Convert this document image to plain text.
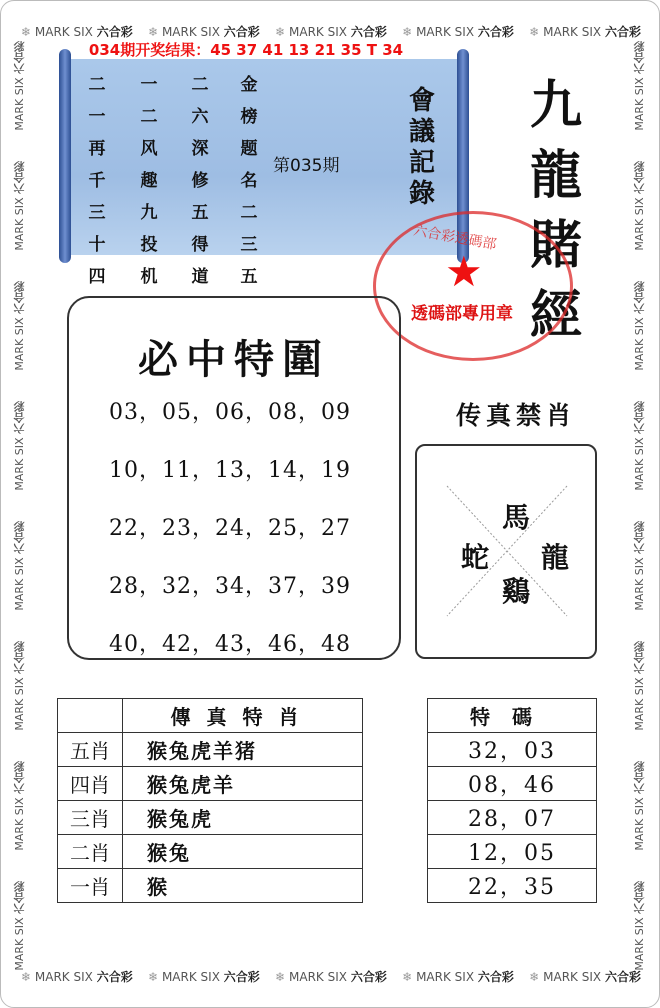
❄ MARK SIX 六合彩 ❄ MARK SIX 六合彩 ❄ MARK SIX 六合彩 ❄ MARK SIX 六合彩 ❄ MARK SIX 六合彩
❄ MARK SIX 六合彩 ❄ MARK SIX 六合彩 ❄ MARK SIX 六合彩 ❄ MARK SIX 六合彩 ❄ MARK SIX 六合彩
MARK SIX 六合彩
MARK SIX 六合彩
MARK SIX 六合彩
MARK SIX 六合彩
MARK SIX 六合彩
MARK SIX 六合彩
MARK SIX 六合彩
MARK SIX 六合彩
MARK SIX 六合彩
MARK SIX 六合彩
MARK SIX 六合彩
MARK SIX 六合彩
MARK SIX 六合彩
MARK SIX 六合彩
MARK SIX 六合彩
MARK SIX 六合彩
034期开奖结果：45 37 41 13 21 35 T 34
二
一
再
千
三
十
四
一
二
风
趣
九
投
机
二
六
深
修
五
得
道
金
榜
题
名
二
三
五
第035期
會
議
記
錄
九
龍
賭
經
六合彩透碼部
★
透碼部專用章
必中特圍
03，05，06，08，09
10，11，13，14，19
22，23，24，25，27
28，32，34，37，39
40，42，43，46，48
传真禁肖
馬
蛇 龍
鷄
	傳真特肖
五肖	猴兔虎羊猪
四肖	猴兔虎羊
三肖	猴兔虎
二肖	猴兔
一肖	猴
特碼
32，03
08，46
28，07
12，05
22，35
